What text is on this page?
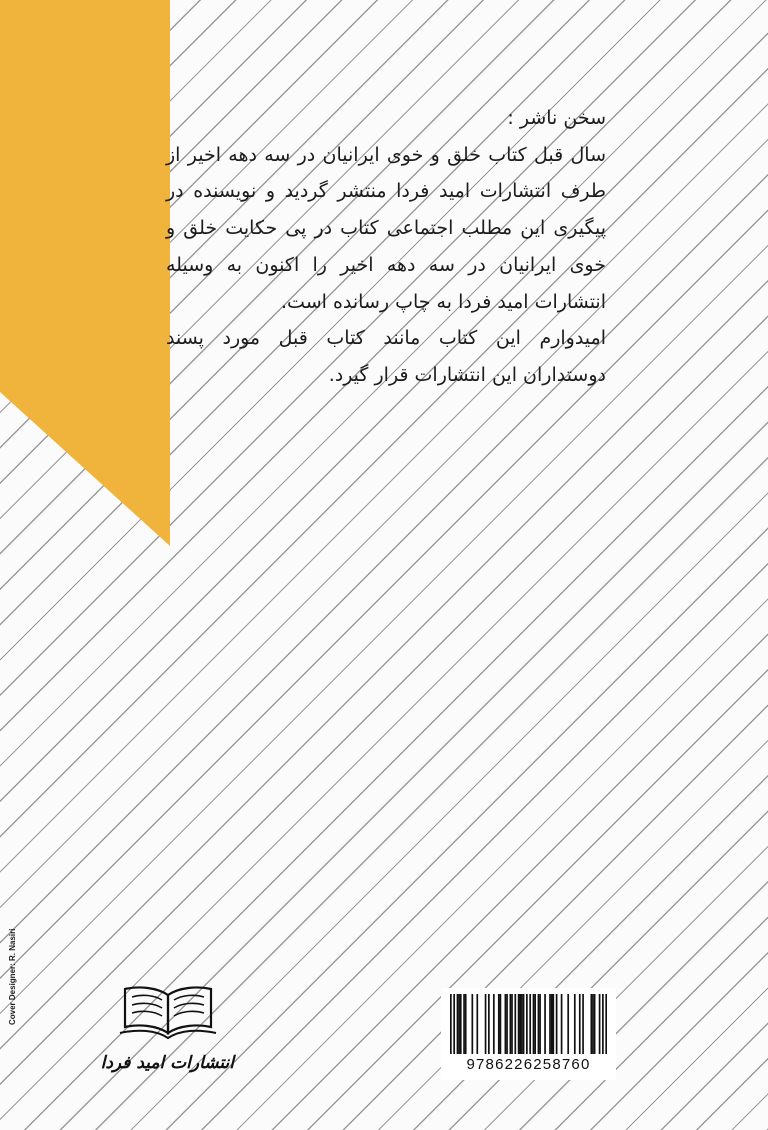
سخن ناشر :

سال قبل کتاب خلق و خوی ایرانیان در سه دهه اخیر از طرف انتشارات امید فردا منتشر گردید و نویسنده در پیگیری این مطلب اجتماعی کتاب در پی حکایت خلق و خوی ایرانیان در سه دهه اخیر را اکنون به وسیله انتشارات امید فردا به چاپ رسانده است.

امیدوارم این کتاب مانند کتاب قبل مورد پسند دوستداران این انتشارات قرار گیرد.

Cover Designer: R. Nasiri
انتشارات امید فردا	9786226258760
